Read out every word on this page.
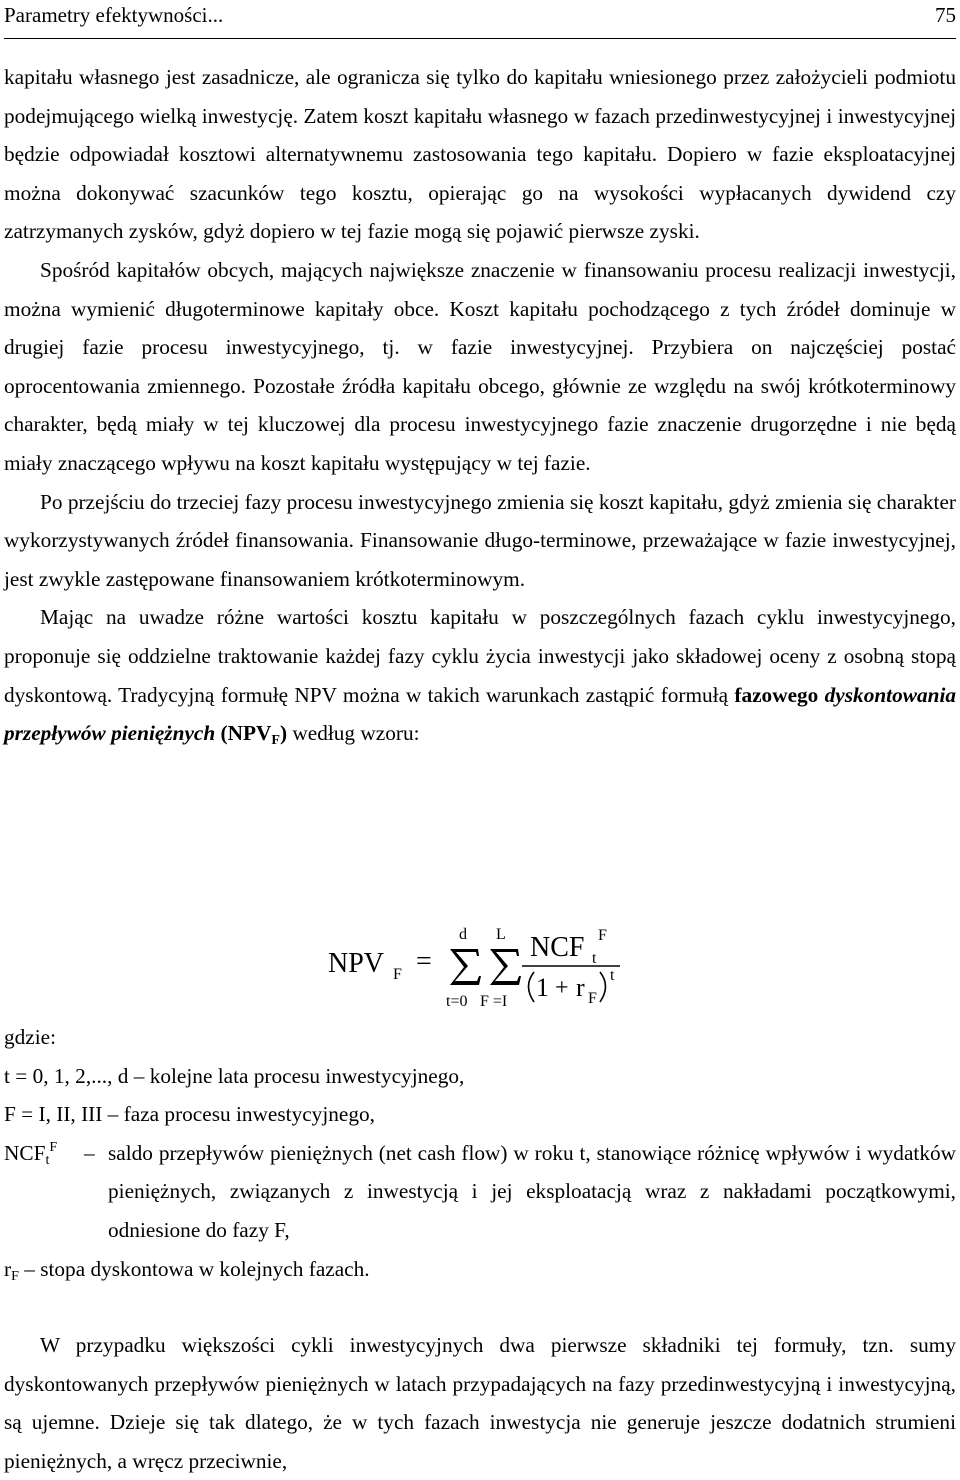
Parametry efektywności...	75

kapitału własnego jest zasadnicze, ale ogranicza się tylko do kapitału wniesionego przez założycieli podmiotu podejmującego wielką inwestycję. Zatem koszt kapitału własnego w fazach przedinwestycyjnej i inwestycyjnej będzie odpowiadał kosztowi alternatywnemu zastosowania tego kapitału. Dopiero w fazie eksploatacyjnej można dokonywać szacunków tego kosztu, opierając go na wysokości wypłacanych dywidend czy zatrzymanych zysków, gdyż dopiero w tej fazie mogą się pojawić pierwsze zyski.

Spośród kapitałów obcych, mających największe znaczenie w finansowaniu procesu realizacji inwestycji, można wymienić długoterminowe kapitały obce. Koszt kapitału pochodzącego z tych źródeł dominuje w drugiej fazie procesu inwestycyjnego, tj. w fazie inwestycyjnej. Przybiera on najczęściej postać oprocentowania zmiennego. Pozostałe źródła kapitału obcego, głównie ze względu na swój krótkoterminowy charakter, będą miały w tej kluczowej dla procesu inwestycyjnego fazie znaczenie drugorzędne i nie będą miały znaczącego wpływu na koszt kapitału występujący w tej fazie.

Po przejściu do trzeciej fazy procesu inwestycyjnego zmienia się koszt kapitału, gdyż zmienia się charakter wykorzystywanych źródeł finansowania. Finansowanie długo-terminowe, przeważające w fazie inwestycyjnej, jest zwykle zastępowane finansowaniem krótkoterminowym.

Mając na uwadze różne wartości kosztu kapitału w poszczególnych fazach cyklu inwestycyjnego, proponuje się oddzielne traktowanie każdej fazy cyklu życia inwestycji jako składowej oceny z osobną stopą dyskontową. Tradycyjną formułę NPV można w takich warunkach zastąpić formułą fazowego dyskontowania przepływów pieniężnych $(NPV_F)$ według wzoru:

NPV F =
d
t=0
L
F =I
NCF t
F
1 + r F
t
gdzie:
t = 0, 1, 2,..., d – kolejne lata procesu inwestycyjnego,
F = I, II, III – faza procesu inwestycyjnego,
$NCF_t^F$ – saldo przepływów pieniężnych (net cash flow) w roku t, stanowiące różnicę wpływów i wydatków pieniężnych, związanych z inwestycją i jej eksploatacją wraz z nakładami początkowymi, odniesione do fazy F,
$r_F$ – stopa dyskontowa w kolejnych fazach.

W przypadku większości cykli inwestycyjnych dwa pierwsze składniki tej formuły, tzn. sumy dyskontowanych przepływów pieniężnych w latach przypadających na fazy przedinwestycyjną i inwestycyjną, są ujemne. Dzieje się tak dlatego, że w tych fazach inwestycja nie generuje jeszcze dodatnich strumieni pieniężnych, a wręcz przeciwnie,
